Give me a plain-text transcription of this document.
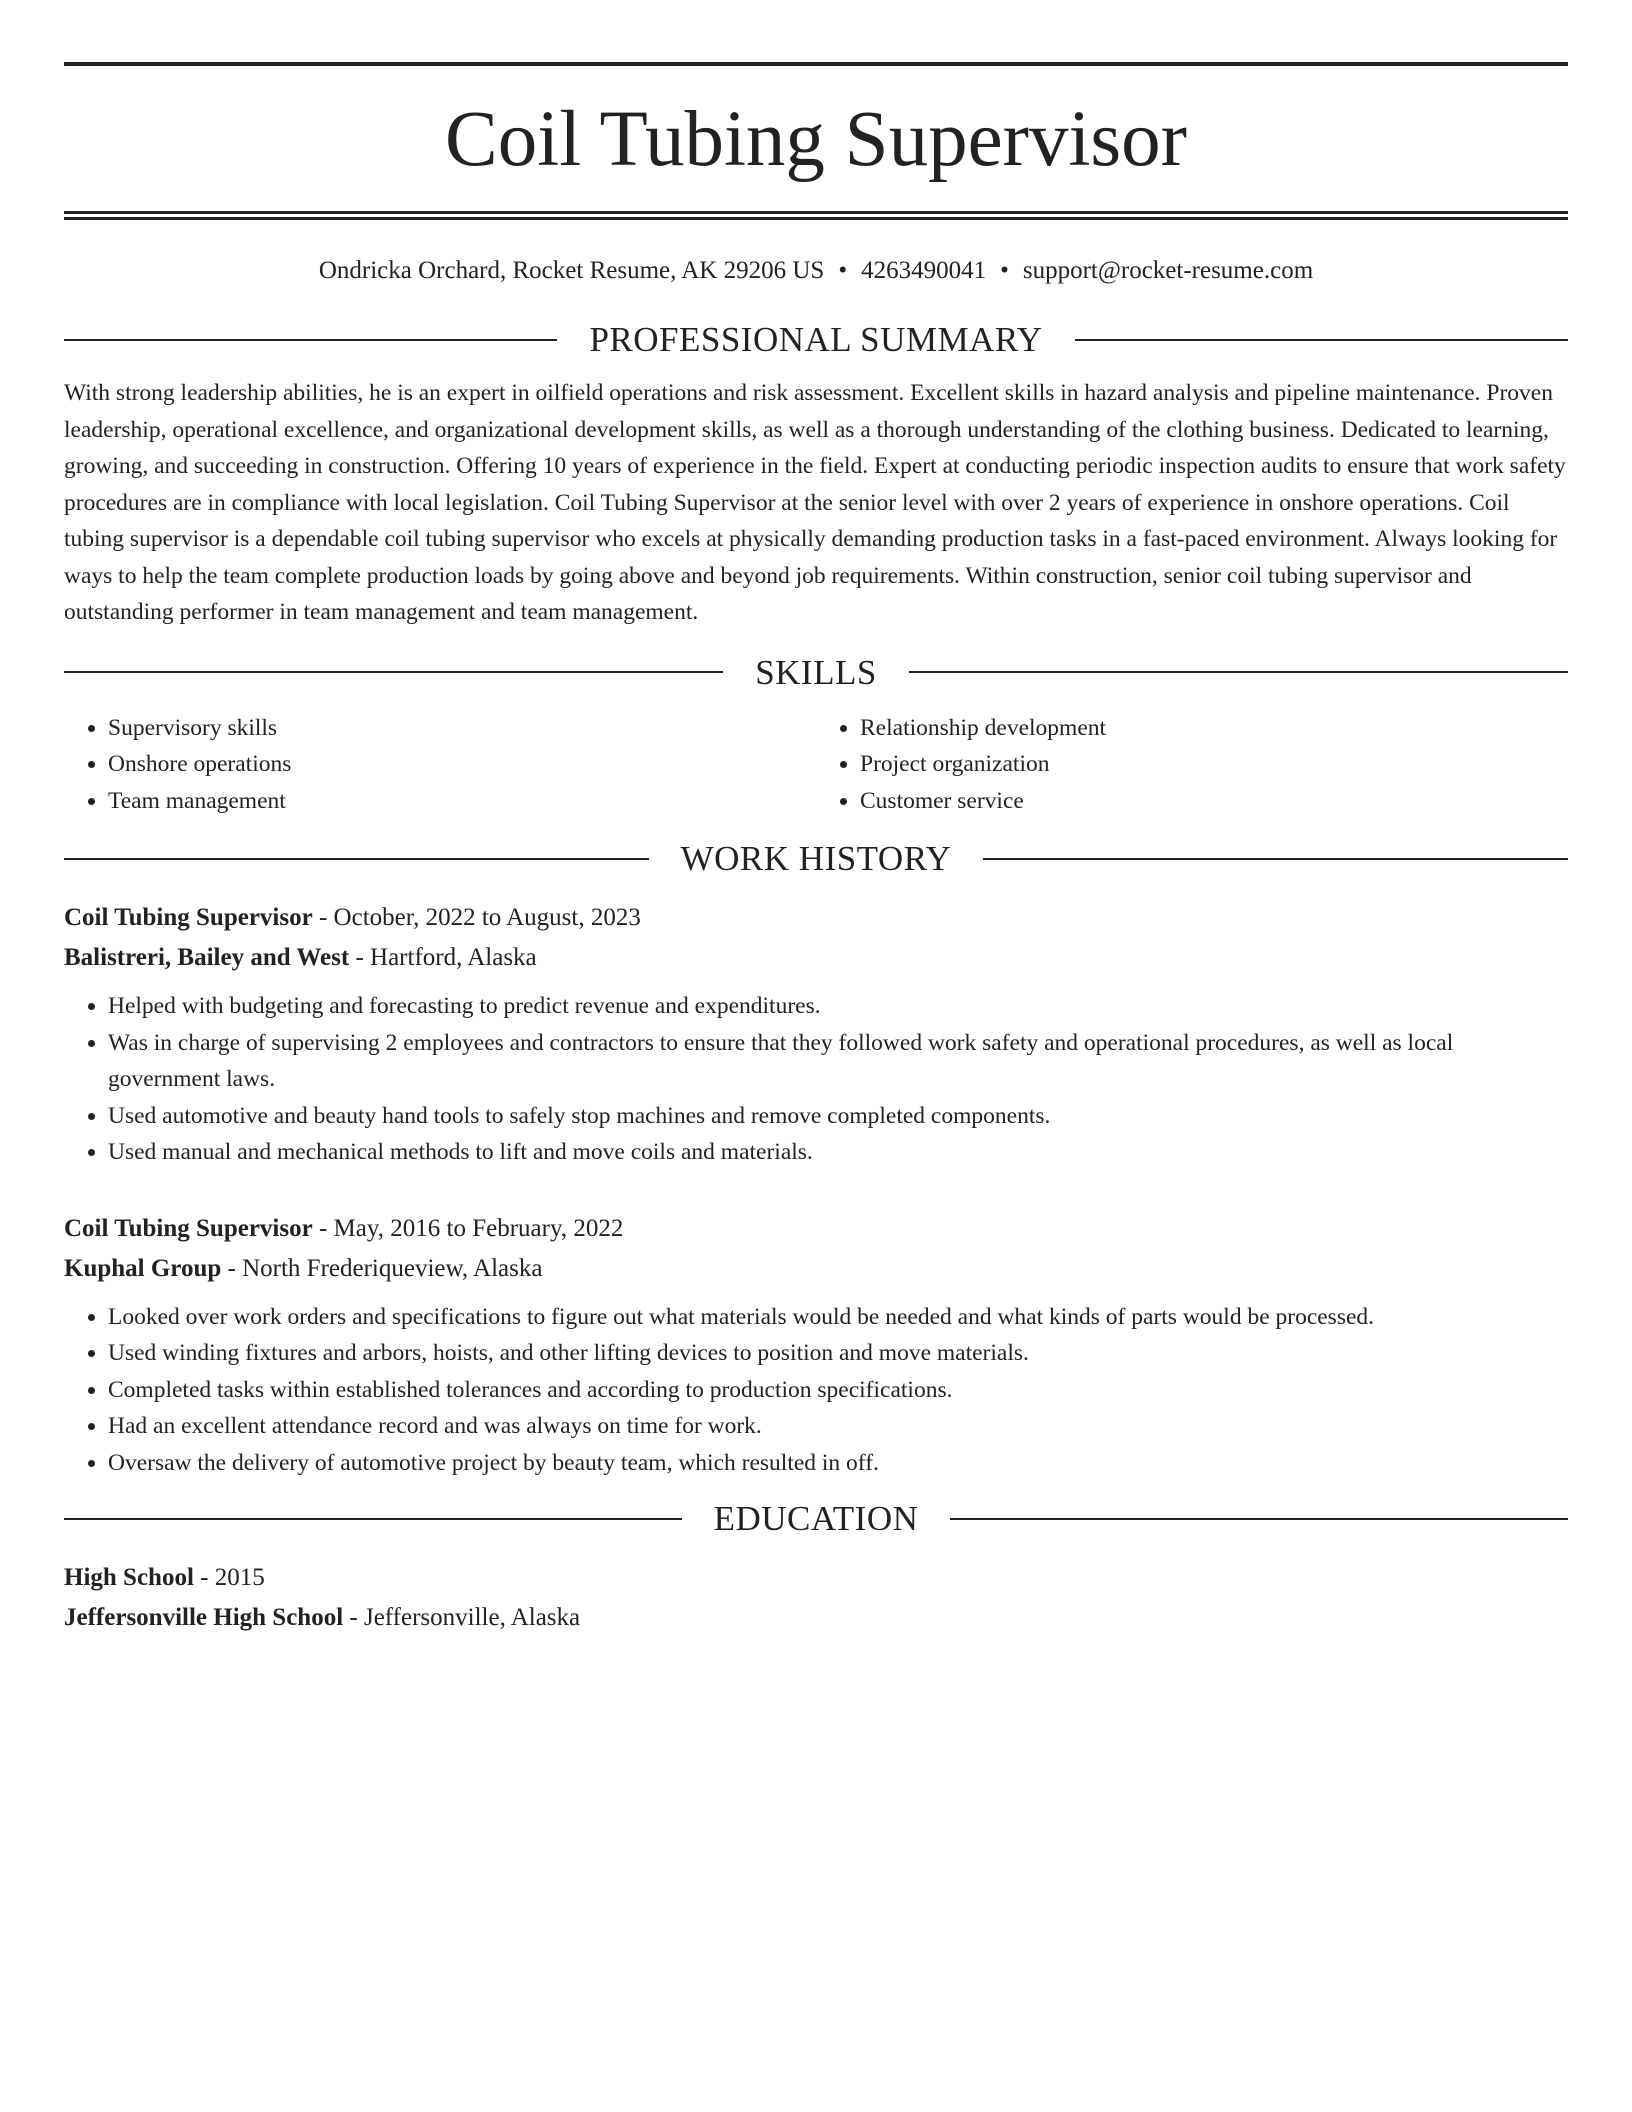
Coil Tubing Supervisor
Ondricka Orchard, Rocket Resume, AK 29206 US • 4263490041 • support@rocket-resume.com
PROFESSIONAL SUMMARY
With strong leadership abilities, he is an expert in oilfield operations and risk assessment. Excellent skills in hazard analysis and pipeline maintenance. Proven leadership, operational excellence, and organizational development skills, as well as a thorough understanding of the clothing business. Dedicated to learning, growing, and succeeding in construction. Offering 10 years of experience in the field. Expert at conducting periodic inspection audits to ensure that work safety procedures are in compliance with local legislation. Coil Tubing Supervisor at the senior level with over 2 years of experience in onshore operations. Coil tubing supervisor is a dependable coil tubing supervisor who excels at physically demanding production tasks in a fast-paced environment. Always looking for ways to help the team complete production loads by going above and beyond job requirements. Within construction, senior coil tubing supervisor and outstanding performer in team management and team management.
SKILLS
• Supervisory skills
• Onshore operations
• Team management
• Relationship development
• Project organization
• Customer service
WORK HISTORY
Coil Tubing Supervisor - October, 2022 to August, 2023
Balistreri, Bailey and West - Hartford, Alaska
• Helped with budgeting and forecasting to predict revenue and expenditures.
• Was in charge of supervising 2 employees and contractors to ensure that they followed work safety and operational procedures, as well as local government laws.
• Used automotive and beauty hand tools to safely stop machines and remove completed components.
• Used manual and mechanical methods to lift and move coils and materials.
Coil Tubing Supervisor - May, 2016 to February, 2022
Kuphal Group - North Frederiqueview, Alaska
• Looked over work orders and specifications to figure out what materials would be needed and what kinds of parts would be processed.
• Used winding fixtures and arbors, hoists, and other lifting devices to position and move materials.
• Completed tasks within established tolerances and according to production specifications.
• Had an excellent attendance record and was always on time for work.
• Oversaw the delivery of automotive project by beauty team, which resulted in off.
EDUCATION
High School - 2015
Jeffersonville High School - Jeffersonville, Alaska
